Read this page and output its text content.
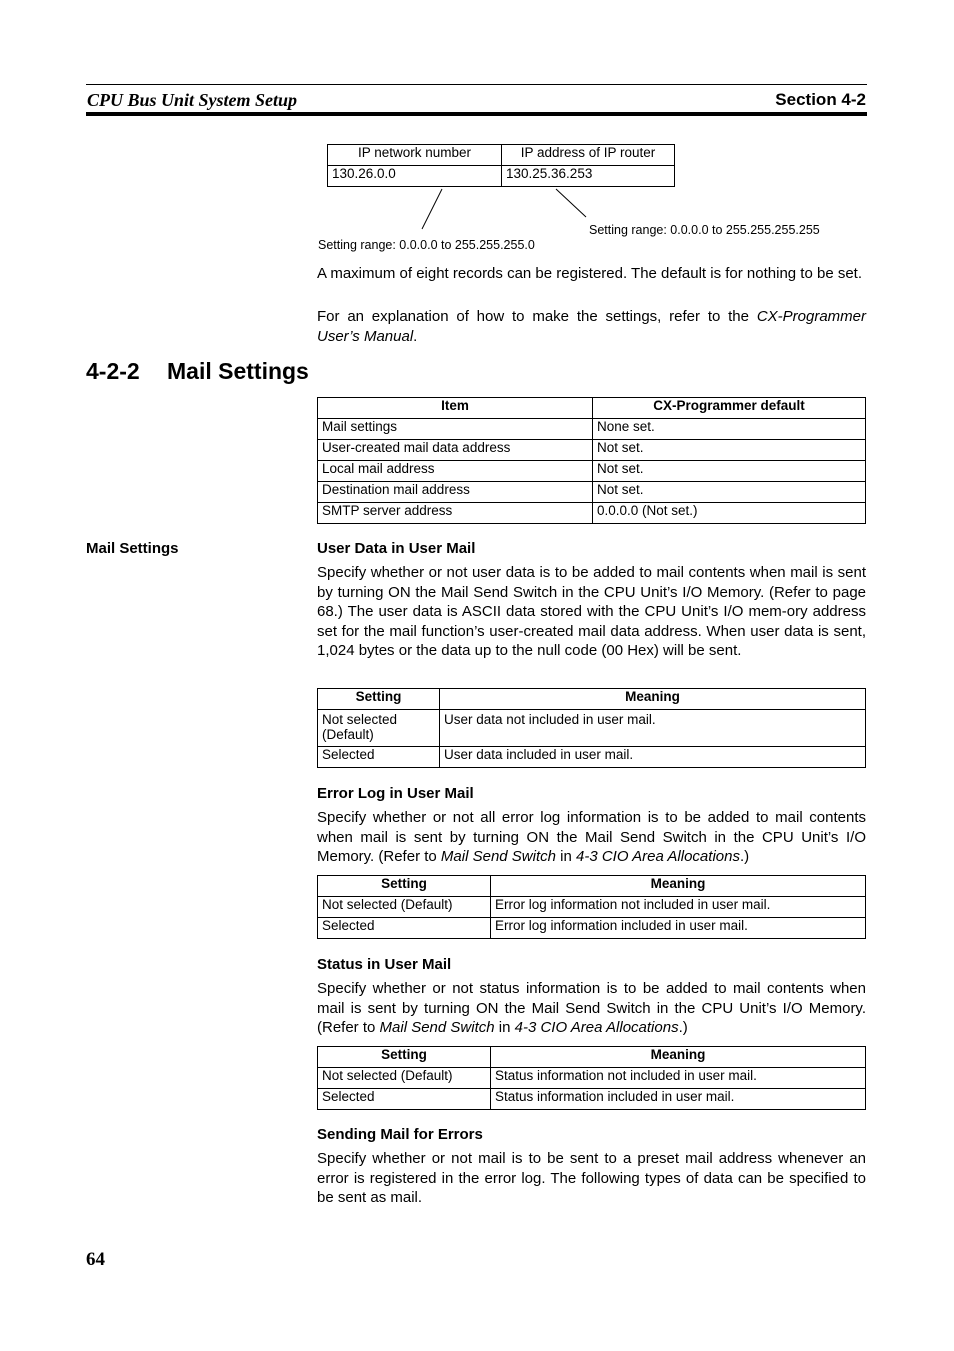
CPU Bus Unit System Setup	Section 4-2
IP network number	IP address of IP router
130.26.0.0	130.25.36.253
Setting range: 0.0.0.0 to 255.255.255.0
Setting range: 0.0.0.0 to 255.255.255.255
A maximum of eight records can be registered. The default is for nothing to be set.
For an explanation of how to make the settings, refer to the CX-Programmer User’s Manual.
4-2-2 Mail Settings
Item	CX-Programmer default
Mail settings	None set.
User-created mail data address	Not set.
Local mail address	Not set.
Destination mail address	Not set.
SMTP server address	0.0.0.0 (Not set.)
Mail Settings	User Data in User Mail
Specify whether or not user data is to be added to mail contents when mail is sent by turning ON the Mail Send Switch in the CPU Unit’s I/O Memory. (Refer to page 68.) The user data is ASCII data stored with the CPU Unit’s I/O mem-ory address set for the mail function’s user-created mail data address. When user data is sent, 1,024 bytes or the data up to the null code (00 Hex) will be sent.
Setting	Meaning
Not selected (Default)	User data not included in user mail.
Selected	User data included in user mail.
Error Log in User Mail
Specify whether or not all error log information is to be added to mail contents when mail is sent by turning ON the Mail Send Switch in the CPU Unit’s I/O Memory. (Refer to Mail Send Switch in 4-3 CIO Area Allocations.)
Setting	Meaning
Not selected (Default)	Error log information not included in user mail.
Selected	Error log information included in user mail.
Status in User Mail
Specify whether or not status information is to be added to mail contents when mail is sent by turning ON the Mail Send Switch in the CPU Unit’s I/O Memory. (Refer to Mail Send Switch in 4-3 CIO Area Allocations.)
Setting	Meaning
Not selected (Default)	Status information not included in user mail.
Selected	Status information included in user mail.
Sending Mail for Errors
Specify whether or not mail is to be sent to a preset mail address whenever an error is registered in the error log. The following types of data can be specified to be sent as mail.
64
